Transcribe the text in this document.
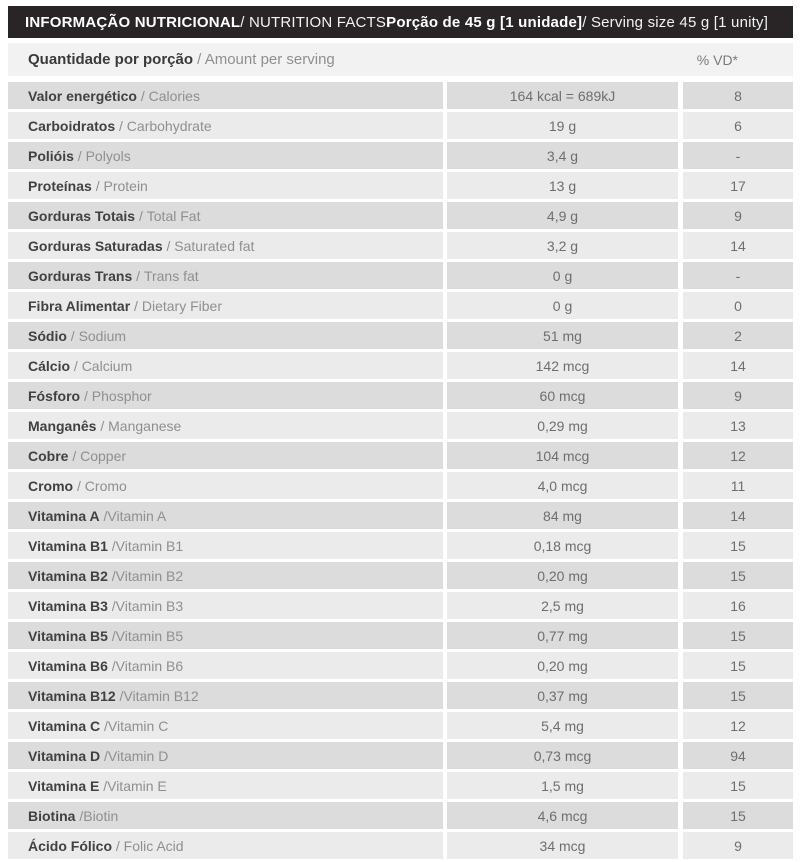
INFORMAÇÃO NUTRICIONAL / NUTRITION FACTS Porção de 45 g [1 unidade] / Serving size 45 g [1 unity]
Quantidade por porção / Amount per serving	% VD*
Valor energético / Calories	164 kcal = 689kJ	8
Carboidratos / Carbohydrate	19 g	6
Polióis / Polyols	3,4 g	-
Proteínas / Protein	13 g	17
Gorduras Totais / Total Fat	4,9 g	9
Gorduras Saturadas / Saturated fat	3,2 g	14
Gorduras Trans / Trans fat	0 g	-
Fibra Alimentar / Dietary Fiber	0 g	0
Sódio / Sodium	51 mg	2
Cálcio / Calcium	142 mcg	14
Fósforo / Phosphor	60 mcg	9
Manganês / Manganese	0,29 mg	13
Cobre / Copper	104 mcg	12
Cromo / Cromo	4,0 mcg	11
Vitamina A / Vitamin A	84 mg	14
Vitamina B1 / Vitamin B1	0,18 mcg	15
Vitamina B2 / Vitamin B2	0,20 mg	15
Vitamina B3 / Vitamin B3	2,5 mg	16
Vitamina B5 / Vitamin B5	0,77 mg	15
Vitamina B6 / Vitamin B6	0,20 mg	15
Vitamina B12 / Vitamin B12	0,37 mg	15
Vitamina C / Vitamin C	5,4 mg	12
Vitamina D / Vitamin D	0,73 mcg	94
Vitamina E / Vitamin E	1,5 mg	15
Biotina / Biotin	4,6 mcg	15
Ácido Fólico / Folic Acid	34 mcg	9
